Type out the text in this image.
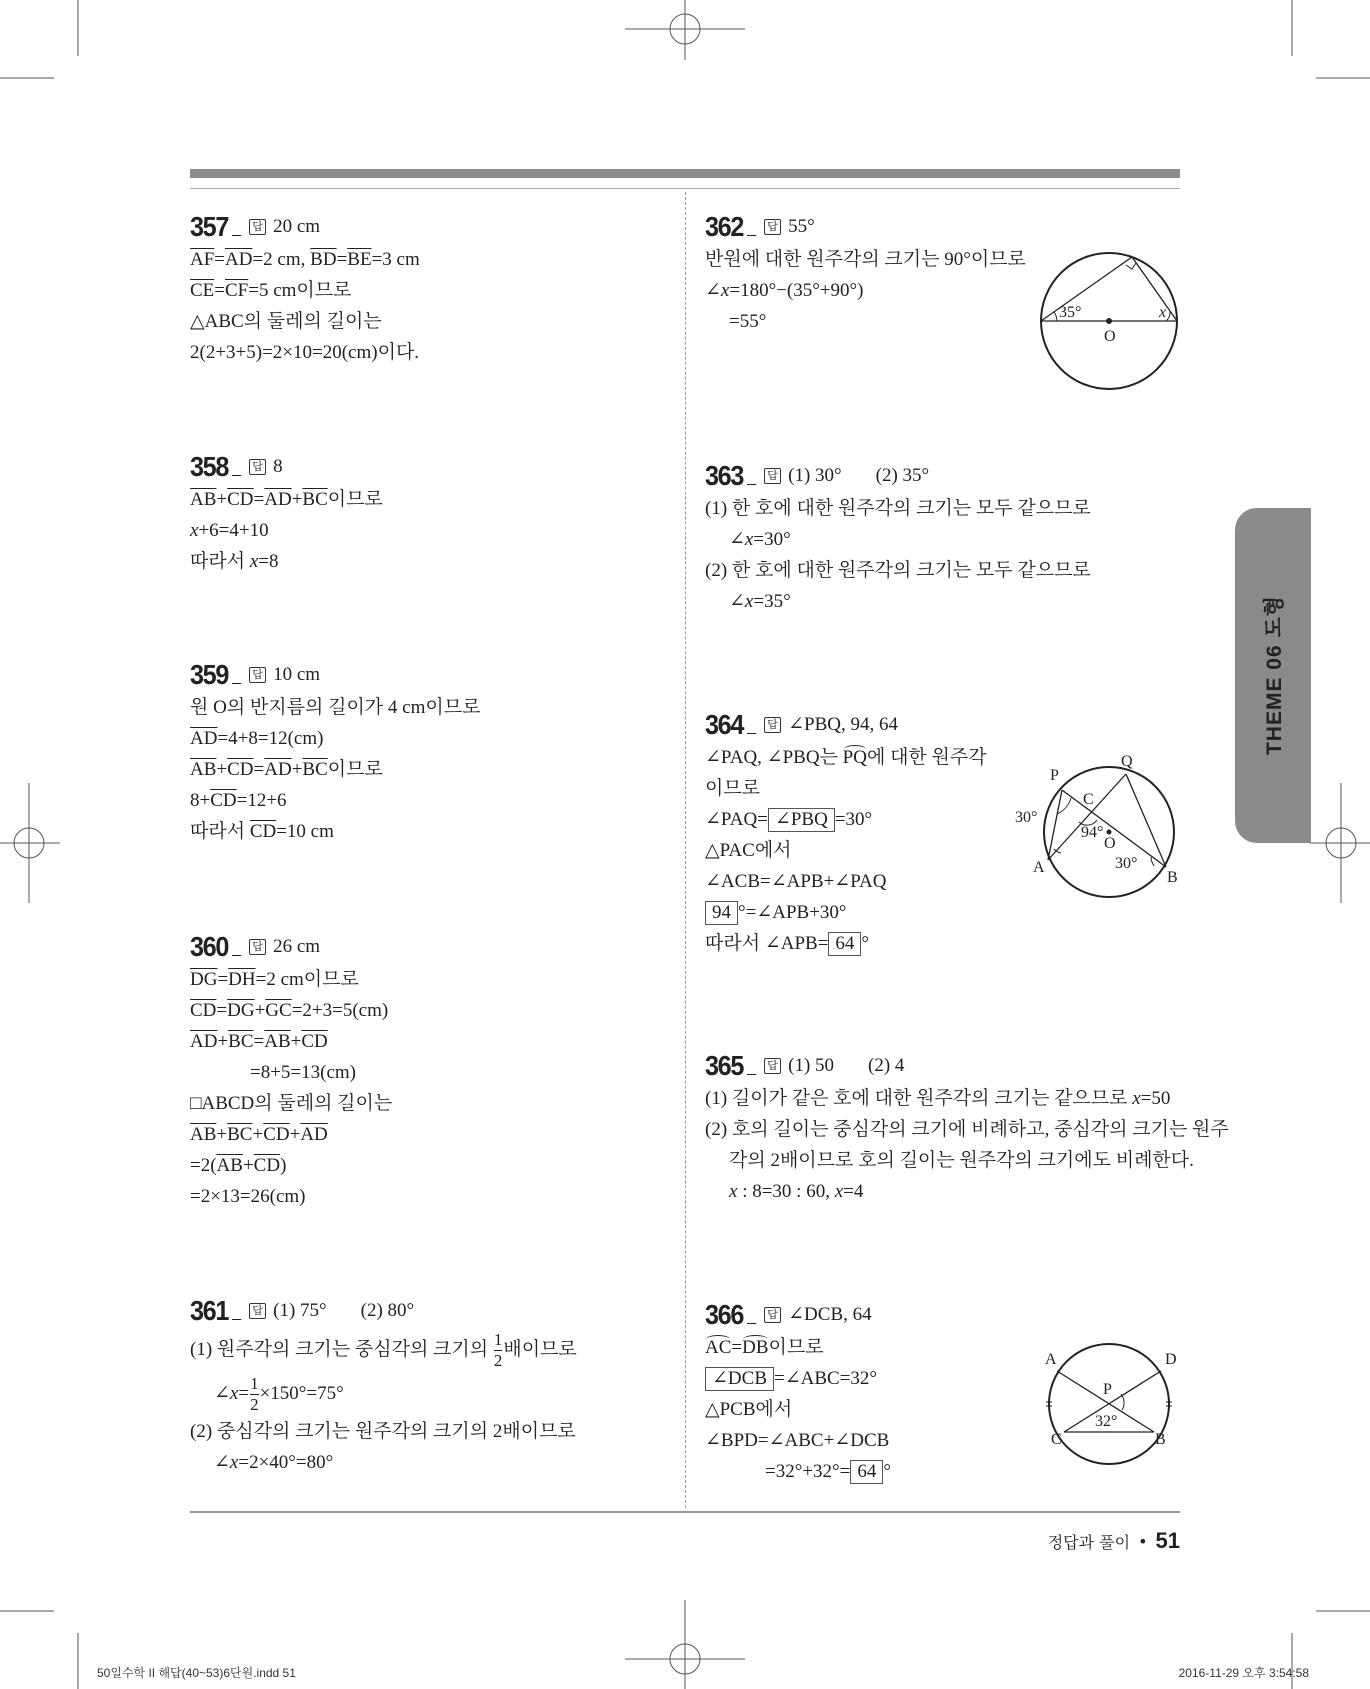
357 _ 답 20 cm
$\overline{AF}=\overline{AD}=2$ cm, $\overline{BD}=\overline{BE}=3$ cm
$\overline{CE}=\overline{CF}=5$ cm이므로
△ABC의 둘레의 길이는
2(2+3+5)=2×10=20(cm)이다.
358 _ 답 8
$\overline{AB}+\overline{CD}=\overline{AD}+\overline{BC}$이므로
x+6=4+10
따라서 x=8
359 _ 답 10 cm
원 O의 반지름의 길이가 4 cm이므로
$\overline{AD}=4+8=12(cm)$
$\overline{AB}+\overline{CD}=\overline{AD}+\overline{BC}$이므로
$8+\overline{CD}=12+6$
따라서 $\overline{CD}=10$ cm
360 _ 답 26 cm
$\overline{DG}=\overline{DH}=2$ cm이므로
$\overline{CD}=\overline{DG}+\overline{GC}=2+3=5(cm)$
$\overline{AD}+\overline{BC}=\overline{AB}+\overline{CD}$
=8+5=13(cm)
□ABCD의 둘레의 길이는
$\overline{AB}+\overline{BC}+\overline{CD}+\overline{AD}$
$=2(\overline{AB}+\overline{CD})$
=2×13=26(cm)
361 _ 답 (1) 75° (2) 80°
(1) 원주각의 크기는 중심각의 크기의 $\frac{1}{2}$ 배이므로
∠x= $\frac{1}{2} \times 150^\circ=75^\circ$
(2) 중심각의 크기는 원주각의 크기의 2배이므로
∠x=2×40°=80°
362 _ 답 55°
반원에 대한 원주각의 크기는 90°이므로
∠x=180°−(35°+90°)
=55°
363 _ 답 (1) 30° (2) 35°
(1) 한 호에 대한 원주각의 크기는 모두 같으므로
∠x=30°
(2) 한 호에 대한 원주각의 크기는 모두 같으므로
∠x=35°
364 _ 답 ∠PBQ, 94, 64
∠PAQ, ∠PBQ는 PQ에 대한 원주각
이므로
∠PAQ= ∠PBQ =30°
△PAC에서
∠ACB=∠APB+∠PAQ
94 °=∠APB+30°
따라서 ∠APB= 64 °
365 _ 답 (1) 50 (2) 4
(1) 길이가 같은 호에 대한 원주각의 크기는 같으므로 x=50
(2) 호의 길이는 중심각의 크기에 비례하고, 중심각의 크기는 원주
각의 2배이므로 호의 길이는 원주각의 크기에도 비례한다.
x : 8=30 : 60, x=4
366 _ 답 ∠DCB, 64
AC=DB이므로
∠DCB =∠ABC=32°
△PCB에서
∠BPD=∠ABC+∠DCB
=32°+32°= 64 °
35°	x
O
P
Q
C
A
B
O
30°
94°
30°
A	D
P
C	B
32°
THEME 06 도형
정답과 풀이 • 51
50일수학 II 해답(40~53)6단원.indd 51	2016-11-29 오후 3:54:58
